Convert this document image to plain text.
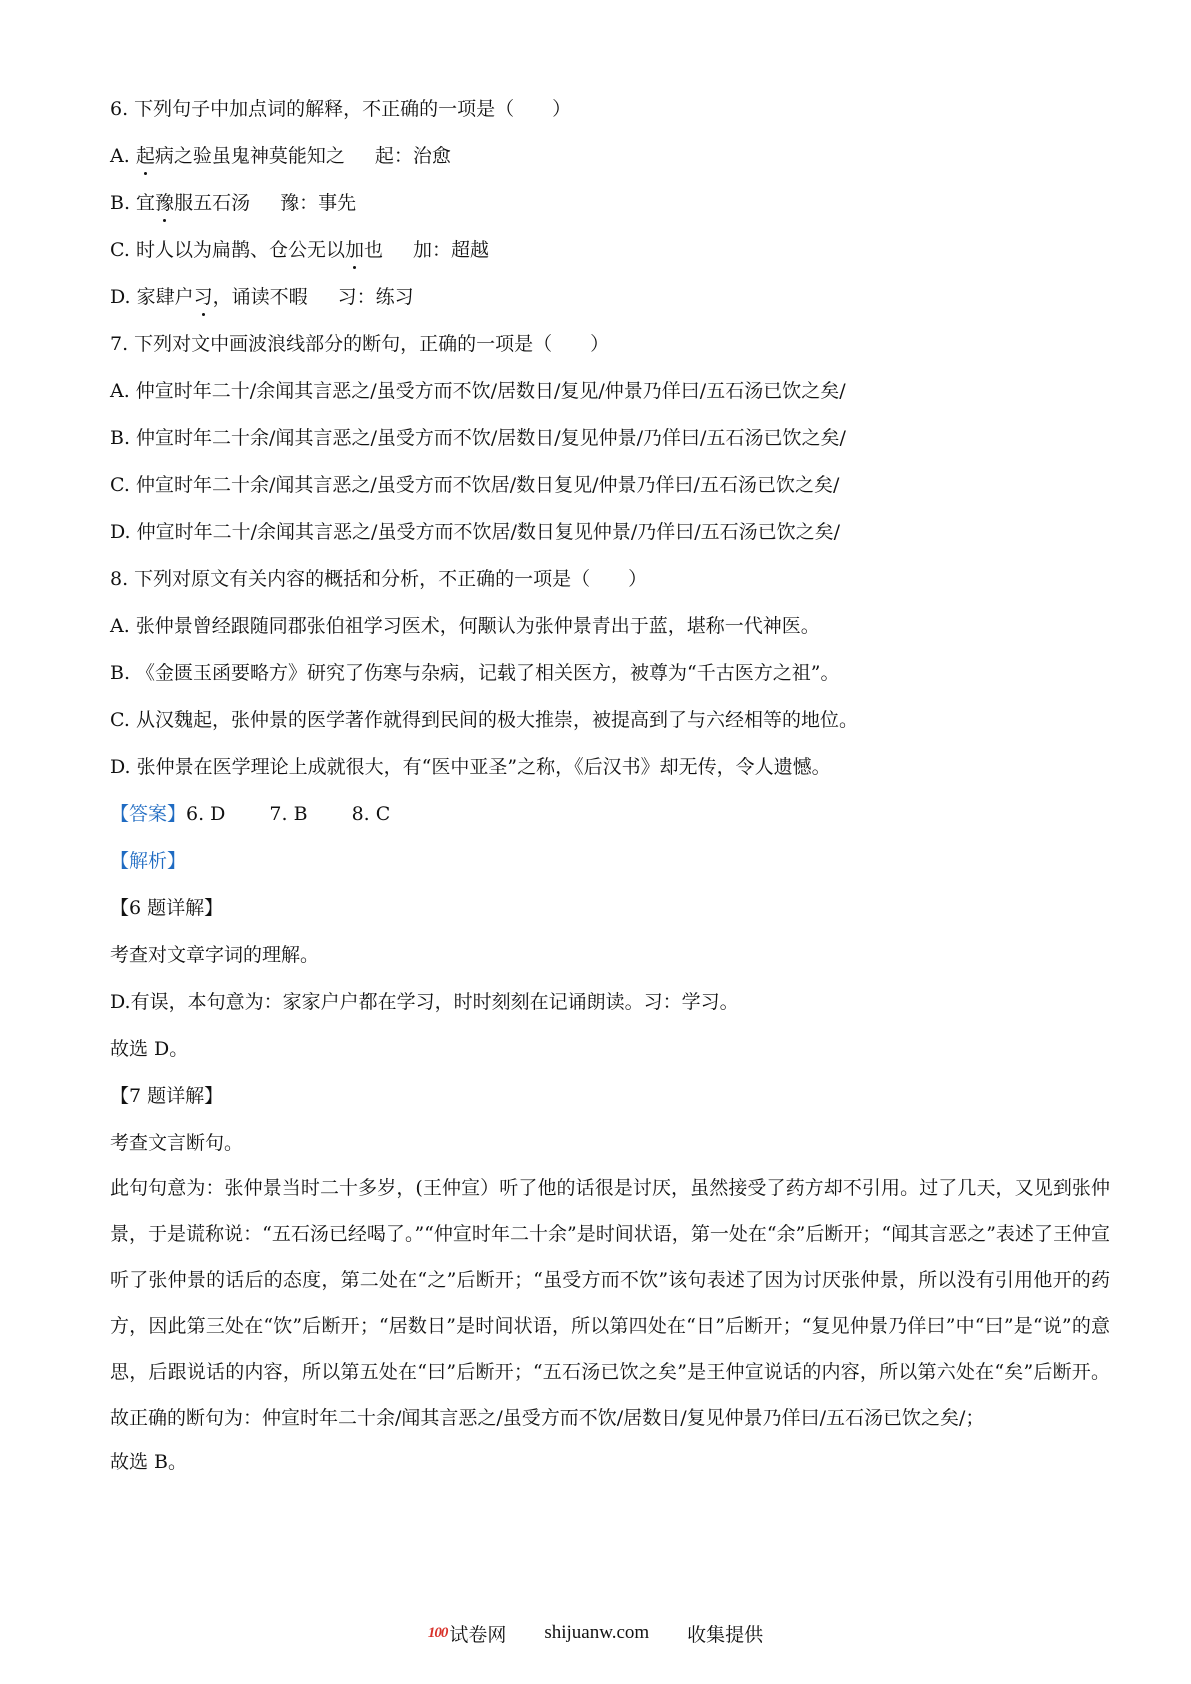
6. 下列句子中加点词的解释，不正确的一项是（　　）
A. 起病之验虽鬼神莫能知之 起：治愈
B. 宜豫服五石汤 豫：事先
C. 时人以为扁鹊、仓公无以加也 加：超越
D. 家肆户习，诵读不暇 习：练习
7. 下列对文中画波浪线部分的断句，正确的一项是（　　）
A. 仲宣时年二十/余闻其言恶之/虽受方而不饮/居数日/复见/仲景乃佯曰/五石汤已饮之矣/
B. 仲宣时年二十余/闻其言恶之/虽受方而不饮/居数日/复见仲景/乃佯曰/五石汤已饮之矣/
C. 仲宣时年二十余/闻其言恶之/虽受方而不饮居/数日复见/仲景乃佯曰/五石汤已饮之矣/
D. 仲宣时年二十/余闻其言恶之/虽受方而不饮居/数日复见仲景/乃佯曰/五石汤已饮之矣/
8. 下列对原文有关内容的概括和分析，不正确的一项是（　　）
A. 张仲景曾经跟随同郡张伯祖学习医术，何颙认为张仲景青出于蓝，堪称一代神医。
B. 《金匮玉函要略方》研究了伤寒与杂病，记载了相关医方，被尊为“千古医方之祖”。
C. 从汉魏起，张仲景的医学著作就得到民间的极大推崇，被提高到了与六经相等的地位。
D. 张仲景在医学理论上成就很大，有“医中亚圣”之称，《后汉书》却无传，令人遗憾。
【答案】6. D 7. B 8. C
【解析】
【6 题详解】
考查对文章字词的理解。
D.有误，本句意为：家家户户都在学习，时时刻刻在记诵朗读。习：学习。
故选 D。
【7 题详解】
考查文言断句。
此句句意为：张仲景当时二十多岁，(王仲宣）听了他的话很是讨厌，虽然接受了药方却不引用。过了几天，又见到张仲景，于是谎称说：“五石汤已经喝了。”“仲宣时年二十余”是时间状语，第一处在“余”后断开；“闻其言恶之”表述了王仲宣听了张仲景的话后的态度，第二处在“之”后断开；“虽受方而不饮”该句表述了因为讨厌张仲景，所以没有引用他开的药方，因此第三处在“饮”后断开；“居数日”是时间状语，所以第四处在“日”后断开；“复见仲景乃佯曰”中“曰”是“说”的意思，后跟说话的内容，所以第五处在“曰”后断开；“五石汤已饮之矣”是王仲宣说话的内容，所以第六处在“矣”后断开。故正确的断句为：仲宣时年二十余/闻其言恶之/虽受方而不饮/居数日/复见仲景乃佯曰/五石汤已饮之矣/；
故选 B。
100 试卷网 shijuanw.com 收集提供
